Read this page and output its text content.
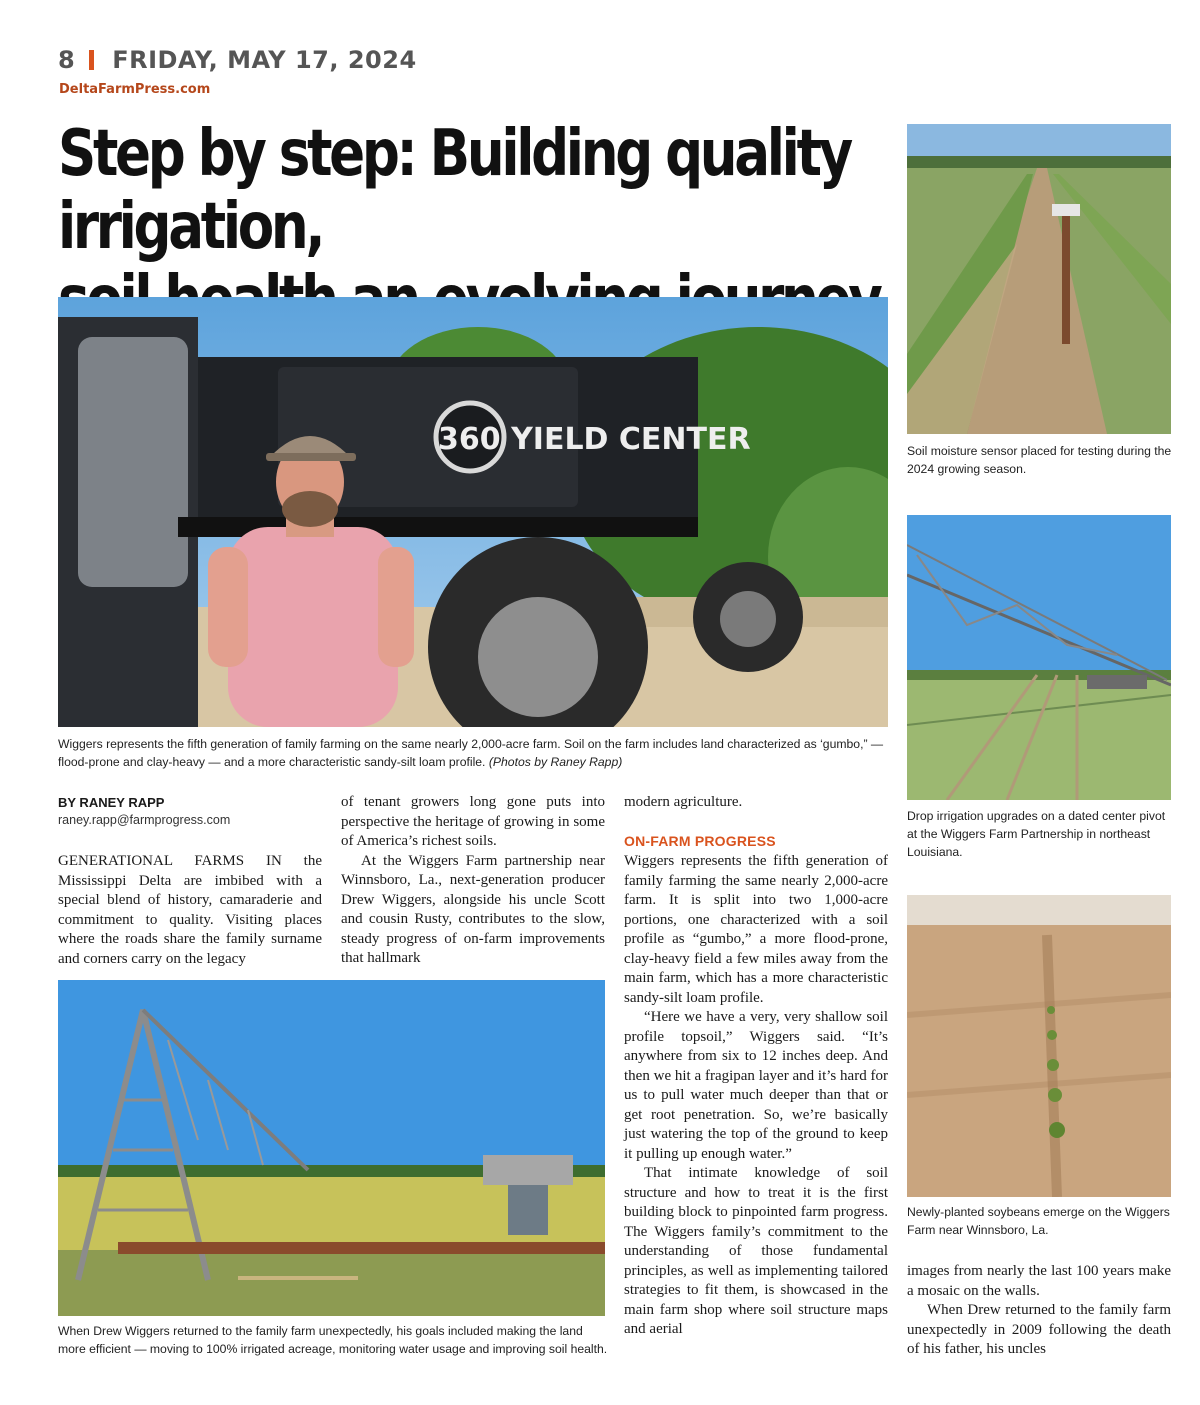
8 FRIDAY, MAY 17, 2024
DeltaFarmPress.com
Step by step: Building quality irrigation,
360 YIELD CENTER
Wiggers represents the fifth generation of family farming on the same nearly 2,000-acre farm. Soil on the farm includes land characterized as ‘gumbo,” — flood-prone and clay-heavy — and a more characteristic sandy-silt loam profile. (Photos by Raney Rapp)
Soil moisture sensor placed for testing during the 2024 growing season.
Drop irrigation upgrades on a dated center pivot at the Wiggers Farm Partnership in northeast Louisiana.
Newly-planted soybeans emerge on the Wiggers Farm near Winnsboro, La.
BY RANEY RAPP
raney.rapp@farmprogress.com

GENERATIONAL FARMS IN the Mississippi Delta are imbibed with a special blend of history, camaraderie and commitment to quality. Visiting places where the roads share the family surname and corners carry on the legacy

of tenant growers long gone puts into perspective the heritage of growing in some of America’s richest soils.

At the Wiggers Farm partnership near Winnsboro, La., next-generation producer Drew Wiggers, alongside his uncle Scott and cousin Rusty, contributes to the slow, steady progress of on-farm improvements that hallmark

When Drew Wiggers returned to the family farm unexpectedly, his goals included making the land more efficient — moving to 100% irrigated acreage, monitoring water usage and improving soil health.

modern agriculture.

ON-FARM PROGRESS

Wiggers represents the fifth generation of family farming the same nearly 2,000-acre farm. It is split into two 1,000-acre portions, one characterized with a soil profile as “gumbo,” a more flood-prone, clay-heavy field a few miles away from the main farm, which has a more characteristic sandy-silt loam profile.

“Here we have a very, very shallow soil profile topsoil,” Wiggers said. “It’s anywhere from six to 12 inches deep. And then we hit a fragipan layer and it’s hard for us to pull water much deeper than that or get root penetration. So, we’re basically just watering the top of the ground to keep it pulling up enough water.”

That intimate knowledge of soil structure and how to treat it is the first building block to pinpointed farm progress. The Wiggers family’s commitment to the understanding of those fundamental principles, as well as implementing tailored strategies to fit them, is showcased in the main farm shop where soil structure maps and aerial

images from nearly the last 100 years make a mosaic on the walls.

When Drew returned to the family farm unexpectedly in 2009 following the death of his father, his uncles
